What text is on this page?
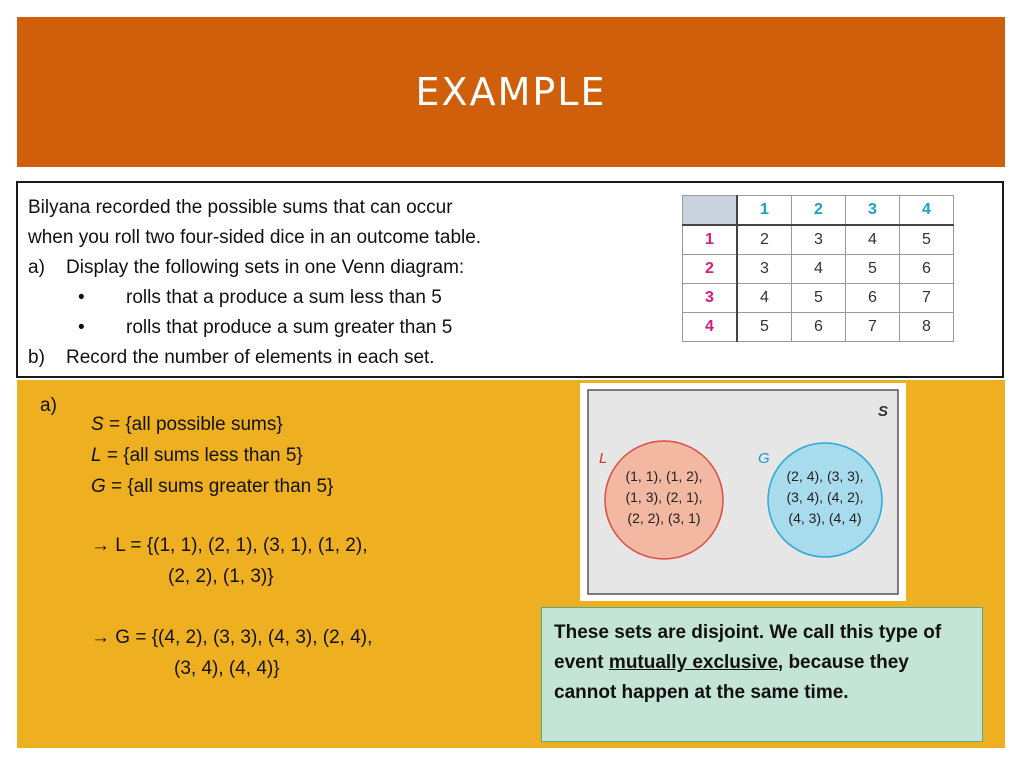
EXAMPLE
Bilyana recorded the possible sums that can occur
when you roll two four-sided dice in an outcome table.
a) Display the following sets in one Venn diagram:
• rolls that a produce a sum less than 5
• rolls that produce a sum greater than 5
b) Record the number of elements in each set.
	1	2	3	4
1	2	3	4	5
2	3	4	5	6
3	4	5	6	7
4	5	6	7	8
a)
S = {all possible sums}
L = {all sums less than 5}
G = {all sums greater than 5}
→ L = {(1, 1), (2, 1), (3, 1), (1, 2),
(2, 2), (1, 3)}
→ G = {(4, 2), (3, 3), (4, 3), (2, 4),
(3, 4), (4, 4)}
S
L	G
(1, 1), (1, 2),
(1, 3), (2, 1),
(2, 2), (3, 1)
(2, 4), (3, 3),
(3, 4), (4, 2),
(4, 3), (4, 4)
These sets are disjoint. We call this type of event mutually exclusive, because they cannot happen at the same time.
